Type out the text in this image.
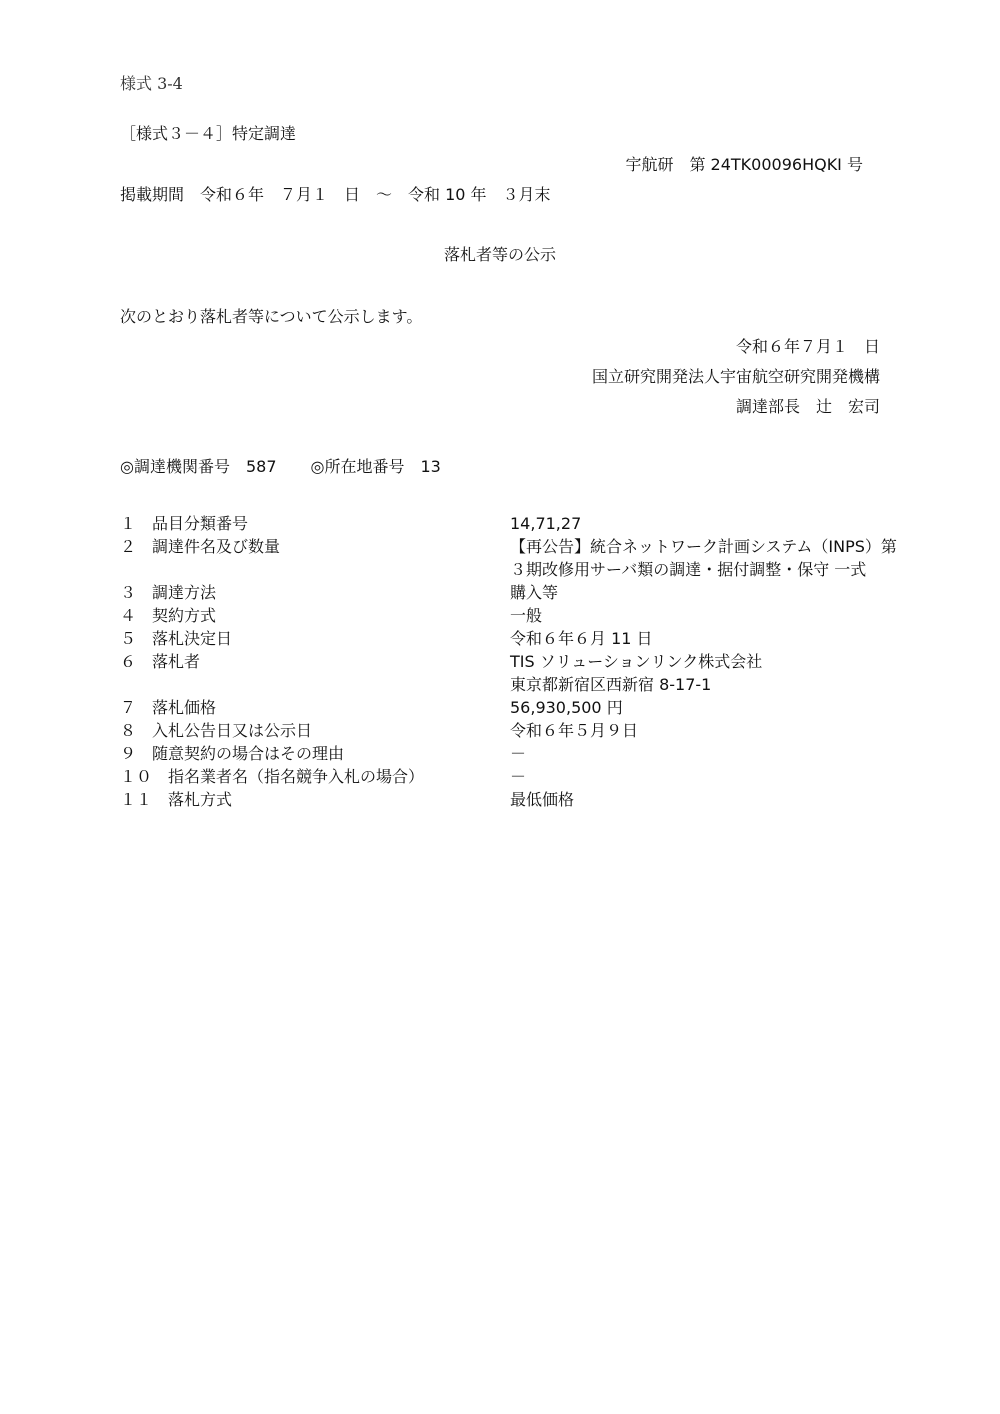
様式 3-4
［様式３－４］特定調達
宇航研　第 24TK00096HQKI 号
掲載期間　令和６年　７月１　日　～　令和 10 年　３月末
落札者等の公示
次のとおり落札者等について公示します。
令和６年７月１　日
国立研究開発法人宇宙航空研究開発機構
調達部長　辻　宏司
◎調達機関番号　587 ◎所在地番号　13
１　品目分類番号	14,71,27
２　調達件名及び数量	【再公告】統合ネットワーク計画システム（INPS）第
３期改修用サーバ類の調達・据付調整・保守 一式
３　調達方法	購入等
４　契約方式	一般
５　落札決定日	令和６年６月 11 日
６　落札者	TIS ソリューションリンク株式会社
東京都新宿区西新宿 8-17-1
７　落札価格	56,930,500 円
８　入札公告日又は公示日	令和６年５月９日
９　随意契約の場合はその理由	－
１０　指名業者名（指名競争入札の場合）	－
１１　落札方式	最低価格
